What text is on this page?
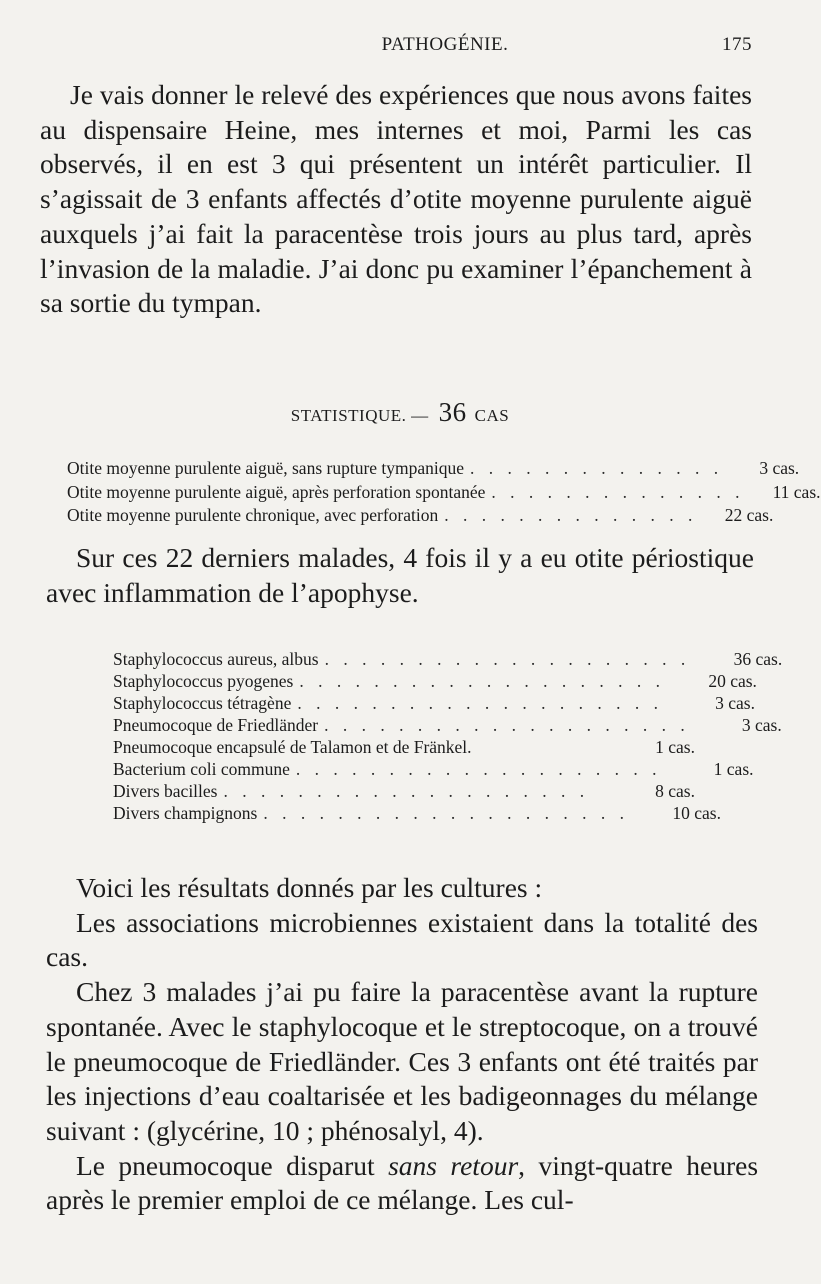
PATHOGÉNIE.	175
Je vais donner le relevé des expériences que nous avons faites au dispensaire Heine, mes internes et moi, Parmi les cas observés, il en est 3 qui présentent un intérêt particulier. Il s’agissait de 3 enfants affectés d’otite moyenne purulente aiguë auxquels j’ai fait la paracentèse trois jours au plus tard, après l’invasion de la maladie. J’ai donc pu examiner l’épanchement à sa sortie du tympan.
STATISTIQUE. — 36 CAS
Otite moyenne purulente aiguë, sans rupture tympanique . . . . . . . . . . . . . .	3 cas.
Otite moyenne purulente aiguë, après perforation spontanée . . . . . . . . . . . . . .	11 cas.
Otite moyenne purulente chronique, avec perforation . . . . . . . . . . . . . .	22 cas.
Sur ces 22 derniers malades, 4 fois il y a eu otite périostique avec inflammation de l’apophyse.
Staphylococcus aureus, albus . . . . . . . . . . . . . . . . . . . .	36 cas.
Staphylococcus pyogenes . . . . . . . . . . . . . . . . . . . .	20 cas.
Staphylococcus tétragène . . . . . . . . . . . . . . . . . . . .	3 cas.
Pneumocoque de Friedländer . . . . . . . . . . . . . . . . . . . .	3 cas.
Pneumocoque encapsulé de Talamon et de Fränkel.	1 cas.
Bacterium coli commune . . . . . . . . . . . . . . . . . . . .	1 cas.
Divers bacilles . . . . . . . . . . . . . . . . . . . .	8 cas.
Divers champignons . . . . . . . . . . . . . . . . . . . .	10 cas.
Voici les résultats donnés par les cultures :
Les associations microbiennes existaient dans la totalité des cas.
Chez 3 malades j’ai pu faire la paracentèse avant la rupture spontanée. Avec le staphylocoque et le streptocoque, on a trouvé le pneumocoque de Friedländer. Ces 3 enfants ont été traités par les injections d’eau coaltarisée et les badigeonnages du mélange suivant : (glycérine, 10 ; phénosalyl, 4).
Le pneumocoque disparut sans retour, vingt-quatre heures après le premier emploi de ce mélange. Les cul-
